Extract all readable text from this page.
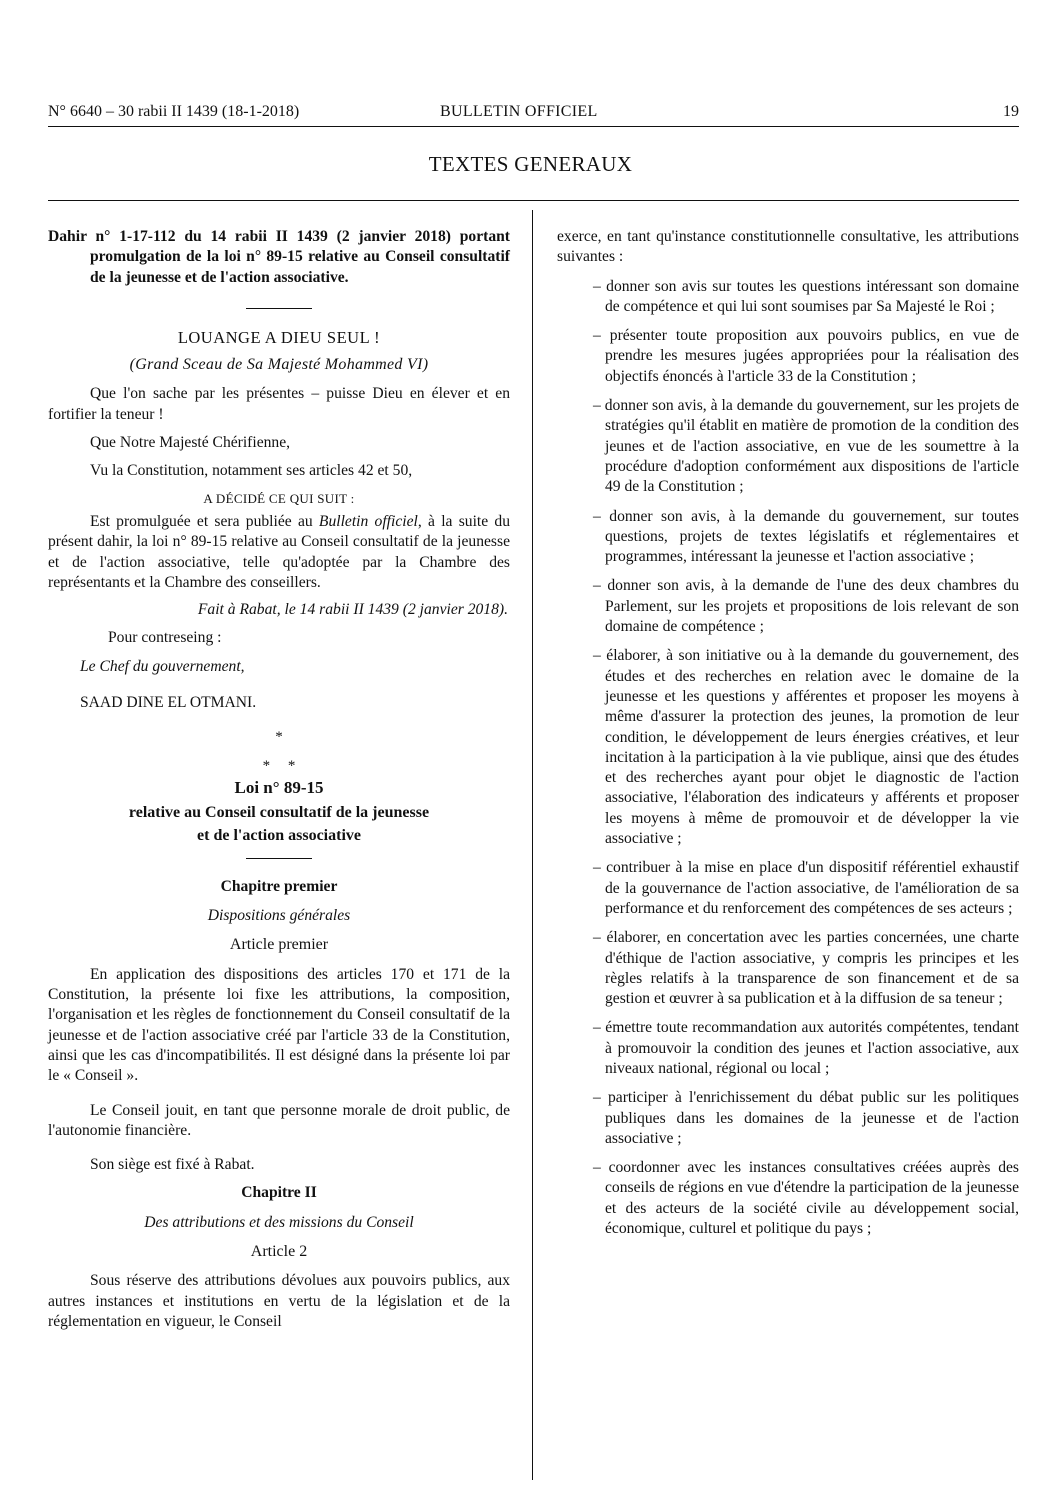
N° 6640 – 30 rabii II 1439 (18-1-2018)	BULLETIN OFFICIEL	19
TEXTES GENERAUX

Dahir n° 1-17-112 du 14 rabii II 1439 (2 janvier 2018) portant promulgation de la loi n° 89-15 relative au Conseil consultatif de la jeunesse et de l'action associative.

LOUANGE A DIEU SEUL !

(Grand Sceau de Sa Majesté Mohammed VI)

Que l'on sache par les présentes – puisse Dieu en élever et en fortifier la teneur !

Que Notre Majesté Chérifienne,

Vu la Constitution, notamment ses articles 42 et 50,

A DÉCIDÉ CE QUI SUIT :

Est promulguée et sera publiée au Bulletin officiel, à la suite du présent dahir, la loi n° 89-15 relative au Conseil consultatif de la jeunesse et de l'action associative, telle qu'adoptée par la Chambre des représentants et la Chambre des conseillers.

Fait à Rabat, le 14 rabii II 1439 (2 janvier 2018).

Pour contreseing :

Le Chef du gouvernement,

SAAD DINE EL OTMANI.

*

* *

Loi n° 89-15

relative au Conseil consultatif de la jeunesse

et de l'action associative

Chapitre premier

Dispositions générales

Article premier

En application des dispositions des articles 170 et 171 de la Constitution, la présente loi fixe les attributions, la composition, l'organisation et les règles de fonctionnement du Conseil consultatif de la jeunesse et de l'action associative créé par l'article 33 de la Constitution, ainsi que les cas d'incompatibilités. Il est désigné dans la présente loi par le « Conseil ».

Le Conseil jouit, en tant que personne morale de droit public, de l'autonomie financière.

Son siège est fixé à Rabat.

Chapitre II

Des attributions et des missions du Conseil

Article 2

Sous réserve des attributions dévolues aux pouvoirs publics, aux autres instances et institutions en vertu de la législation et de la réglementation en vigueur, le Conseil

exerce, en tant qu'instance constitutionnelle consultative, les attributions suivantes :

– donner son avis sur toutes les questions intéressant son domaine de compétence et qui lui sont soumises par Sa Majesté le Roi ;

– présenter toute proposition aux pouvoirs publics, en vue de prendre les mesures jugées appropriées pour la réalisation des objectifs énoncés à l'article 33 de la Constitution ;

– donner son avis, à la demande du gouvernement, sur les projets de stratégies qu'il établit en matière de promotion de la condition des jeunes et de l'action associative, en vue de les soumettre à la procédure d'adoption conformément aux dispositions de l'article 49 de la Constitution ;

– donner son avis, à la demande du gouvernement, sur toutes questions, projets de textes législatifs et réglementaires et programmes, intéressant la jeunesse et l'action associative ;

– donner son avis, à la demande de l'une des deux chambres du Parlement, sur les projets et propositions de lois relevant de son domaine de compétence ;

– élaborer, à son initiative ou à la demande du gouvernement, des études et des recherches en relation avec le domaine de la jeunesse et les questions y afférentes et proposer les moyens à même d'assurer la protection des jeunes, la promotion de leur condition, le développement de leurs énergies créatives, et leur incitation à la participation à la vie publique, ainsi que des études et des recherches ayant pour objet le diagnostic de l'action associative, l'élaboration des indicateurs y afférents et proposer les moyens à même de promouvoir et de développer la vie associative ;

– contribuer à la mise en place d'un dispositif référentiel exhaustif de la gouvernance de l'action associative, de l'amélioration de sa performance et du renforcement des compétences de ses acteurs ;

– élaborer, en concertation avec les parties concernées, une charte d'éthique de l'action associative, y compris les principes et les règles relatifs à la transparence de son financement et de sa gestion et œuvrer à sa publication et à la diffusion de sa teneur ;

– émettre toute recommandation aux autorités compétentes, tendant à promouvoir la condition des jeunes et l'action associative, aux niveaux national, régional ou local ;

– participer à l'enrichissement du débat public sur les politiques publiques dans les domaines de la jeunesse et de l'action associative ;

– coordonner avec les instances consultatives créées auprès des conseils de régions en vue d'étendre la participation de la jeunesse et des acteurs de la société civile au développement social, économique, culturel et politique du pays ;
